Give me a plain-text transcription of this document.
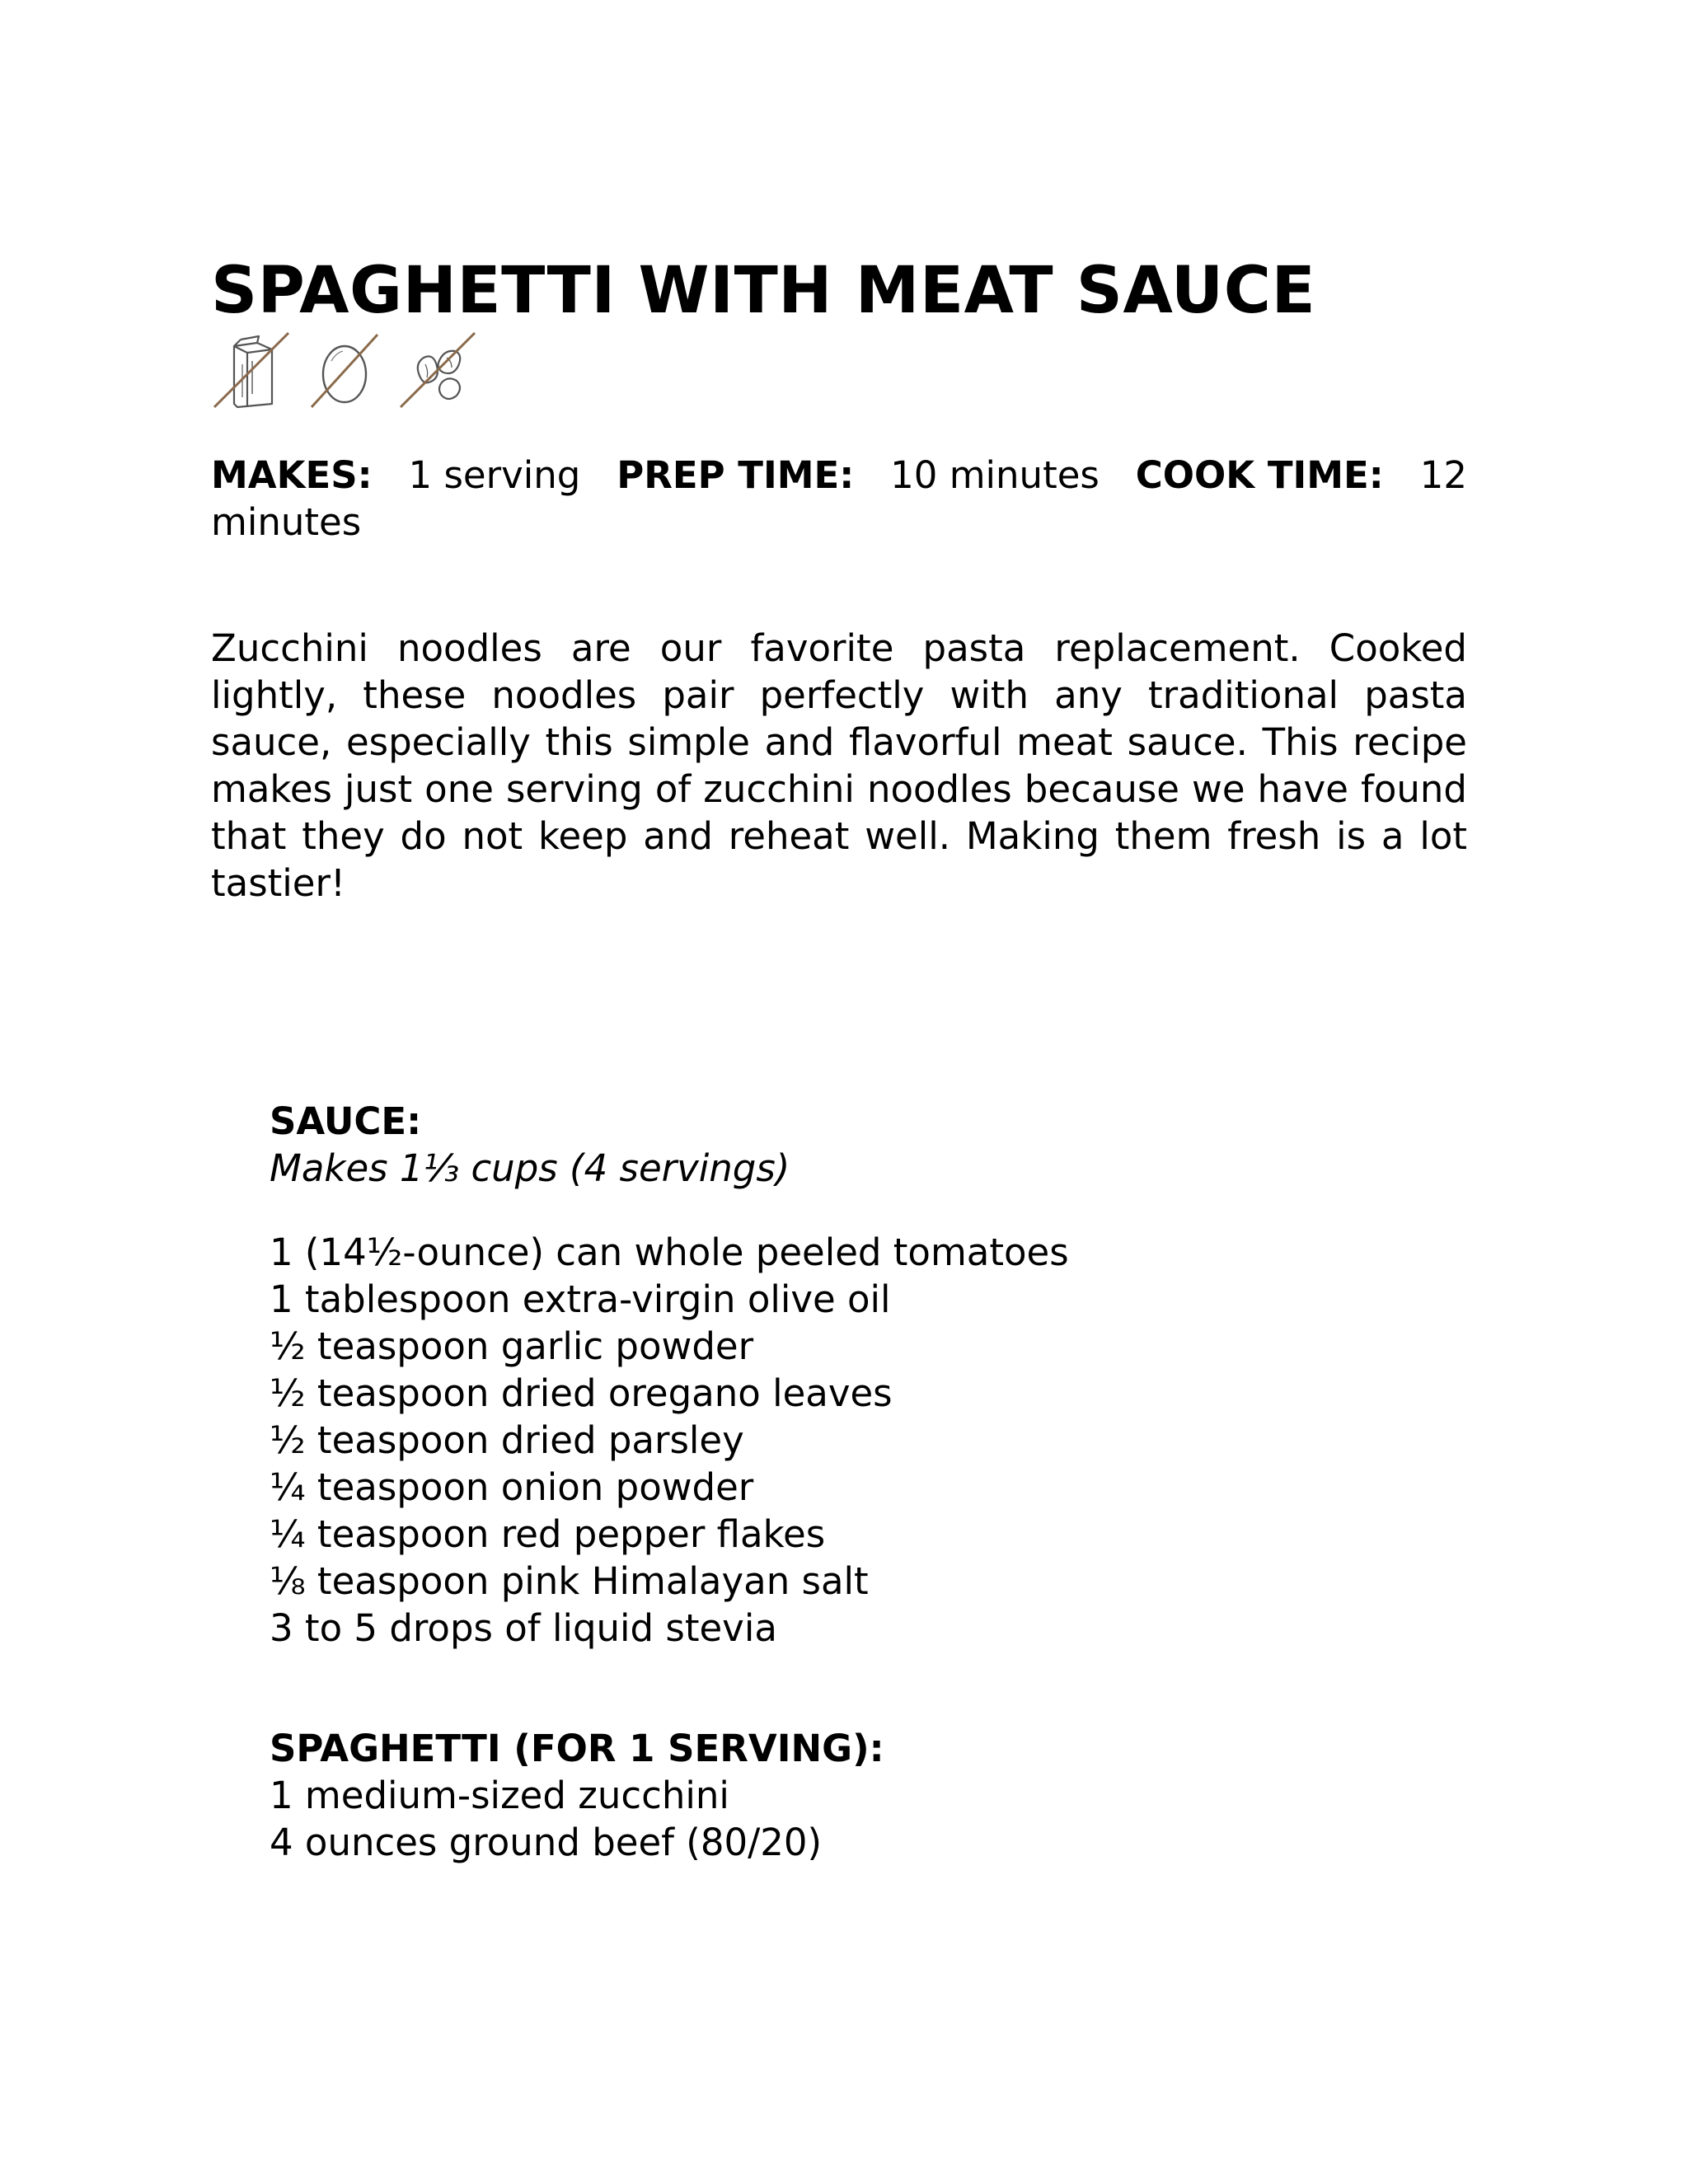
SPAGHETTI WITH MEAT SAUCE
MAKES: 1 serving PREP TIME: 10 minutes COOK TIME: 12
minutes

Zucchini noodles are our favorite pasta replacement. Cooked lightly, these noodles pair perfectly with any traditional pasta sauce, especially this simple and flavorful meat sauce. This recipe makes just one serving of zucchini noodles because we have found that they do not keep and reheat well. Making them fresh is a lot tastier!

SAUCE:

Makes 1⅓ cups (4 servings)

1 (14½-ounce) can whole peeled tomatoes
1 tablespoon extra-virgin olive oil
½ teaspoon garlic powder
½ teaspoon dried oregano leaves
½ teaspoon dried parsley
¼ teaspoon onion powder
¼ teaspoon red pepper flakes
⅛ teaspoon pink Himalayan salt
3 to 5 drops of liquid stevia

SPAGHETTI (FOR 1 SERVING):

1 medium-sized zucchini
4 ounces ground beef (80/20)
